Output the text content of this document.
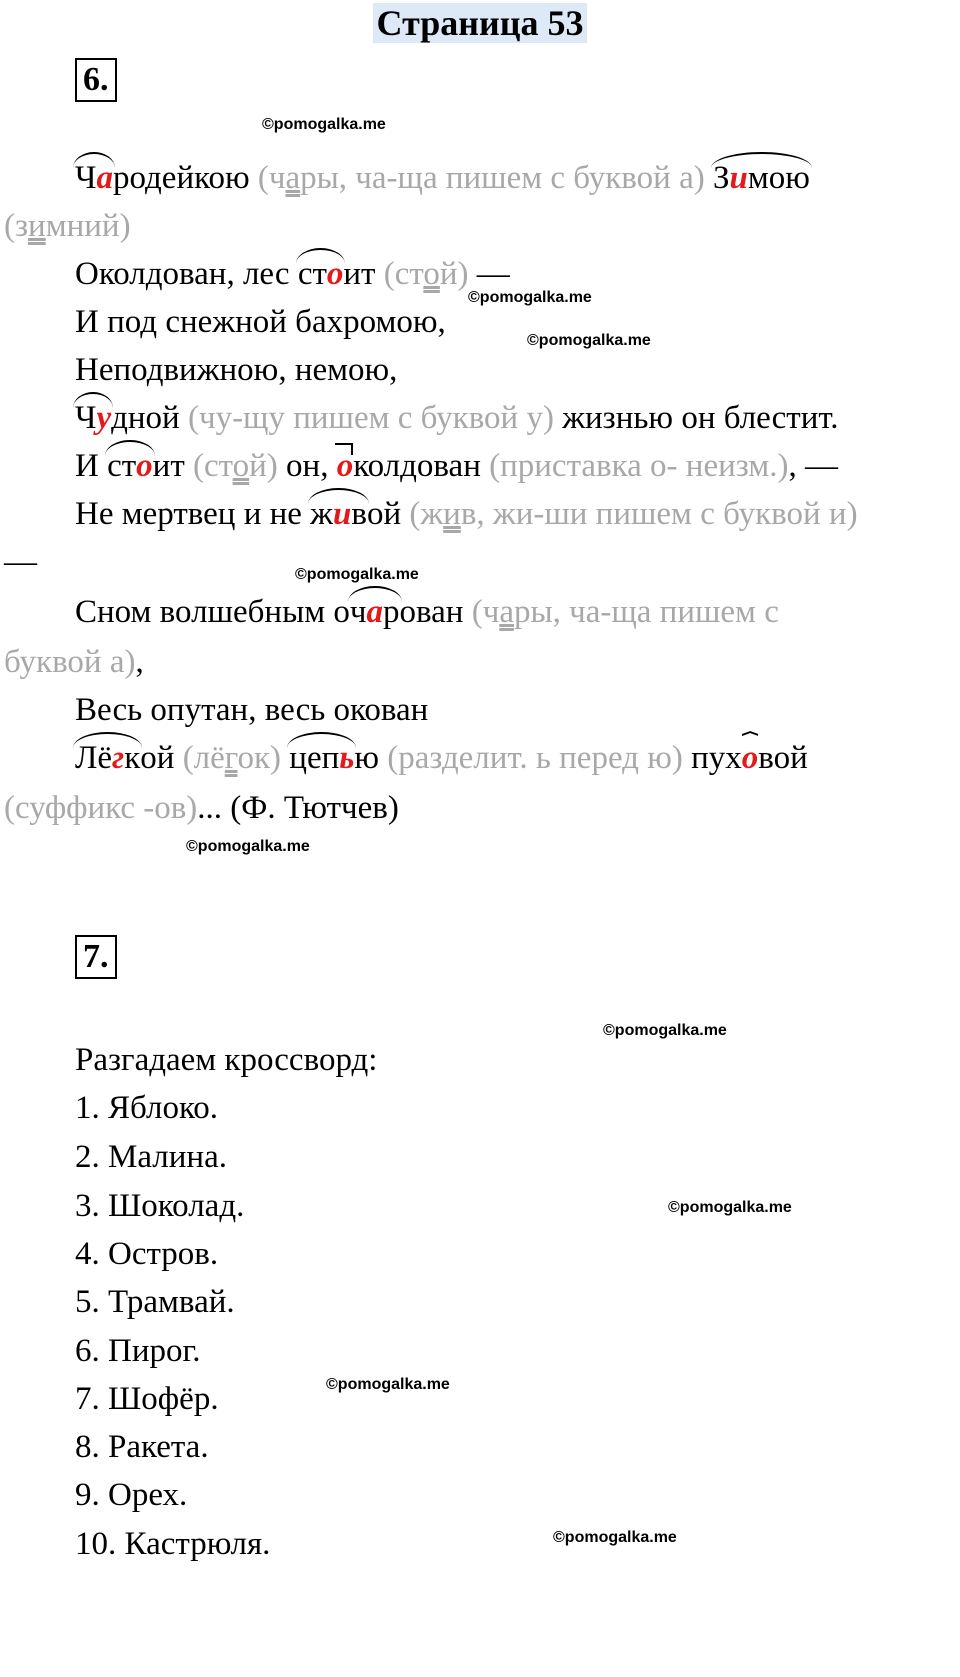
Страница 53
6.
©pomogalka.me
Чародейкою (чары, ча-ща пишем с буквой а) Зимою
(зимний)
Околдован, лес стоит (стой) —
©pomogalka.me
И под снежной бахромою,
©pomogalka.me
Неподвижною, немою,
Чудной (чу-щу пишем с буквой у) жизнью он блестит.
И стоит (стой) он, околдован (приставка о- неизм.), —
Не мертвец и не живой (жив, жи-ши пишем с буквой и)
—	©pomogalka.me
Сном волшебным очарован (чары, ча-ща пишем с
буквой а),
Весь опутан, весь окован
Лёгкой (лёгок) цепью (разделит. ь перед ю) пуховой
(суффикс -ов)... (Ф. Тютчев)
©pomogalka.me
7.
©pomogalka.me
Разгадаем кроссворд:
1. Яблоко.
2. Малина.
3. Шоколад.	©pomogalka.me
4. Остров.
5. Трамвай.
6. Пирог.
©pomogalka.me
7. Шофёр.
8. Ракета.
9. Орех.
10. Кастрюля.	©pomogalka.me
